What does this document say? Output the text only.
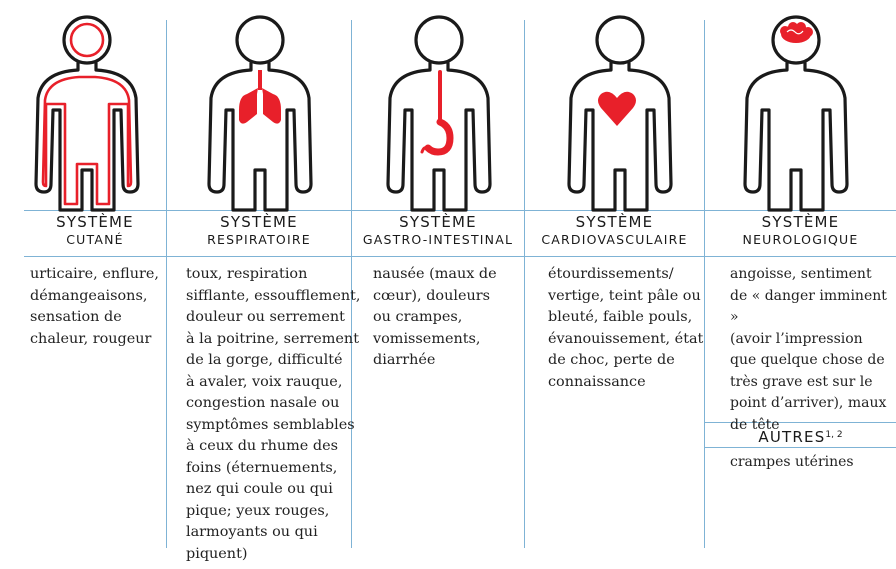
SYSTÈME
CUTANÉ
SYSTÈME
RESPIRATOIRE
SYSTÈME
GASTRO-INTESTINAL
SYSTÈME
CARDIOVASCULAIRE
SYSTÈME
NEUROLOGIQUE
urticaire, enflure,
démangeaisons,
sensation de
chaleur, rougeur
toux, respiration
sifflante, essoufflement,
douleur ou serrement
à la poitrine, serrement
de la gorge, difficulté
à avaler, voix rauque,
congestion nasale ou
symptômes semblables
à ceux du rhume des
foins (éternuements,
nez qui coule ou qui
pique; yeux rouges,
larmoyants ou qui
piquent)
nausée (maux de
cœur), douleurs
ou crampes,
vomissements,
diarrhée
étourdissements/
vertige, teint pâle ou
bleuté, faible pouls,
évanouissement, état
de choc, perte de
connaissance
angoisse, sentiment
de « danger imminent »
(avoir l’impression
que quelque chose de
très grave est sur le
point d’arriver), maux
de tête
AUTRES$^{1, 2}$
crampes utérines
